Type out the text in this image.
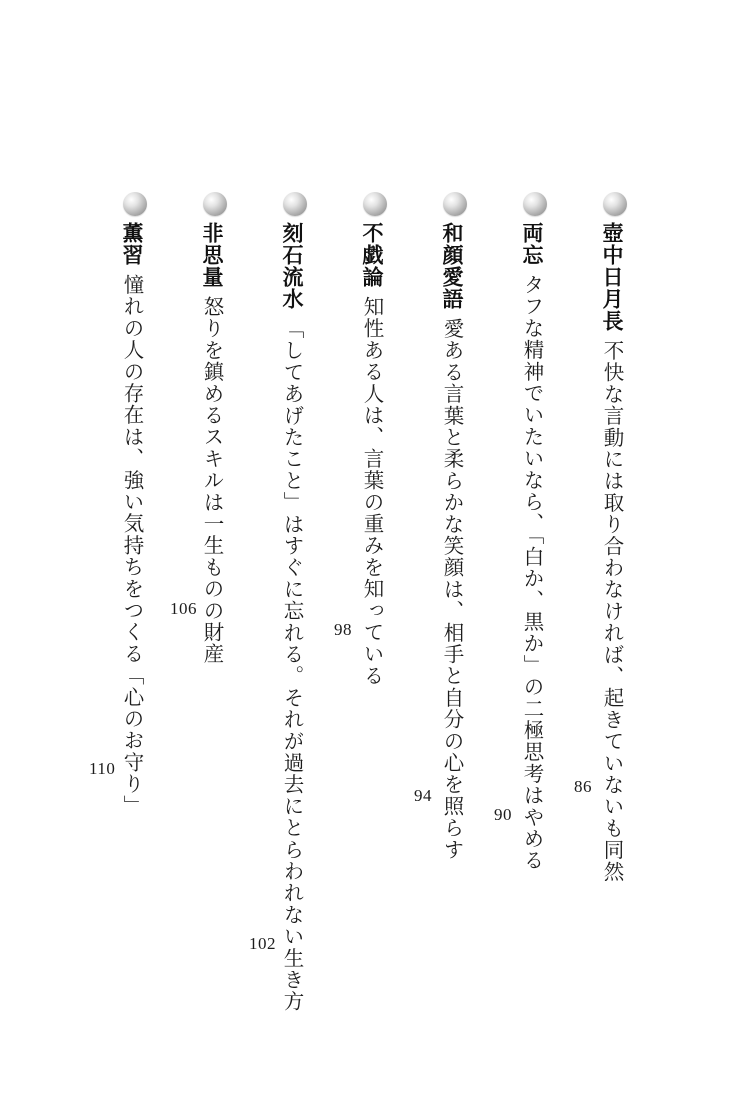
壺中日月長
不快な言動には取り合わなければ、起きていないも同然
86
両忘
タフな精神でいたいなら、「白か、黒か」の二極思考はやめる
90
和顔愛語
愛ある言葉と柔らかな笑顔は、相手と自分の心を照らす
94
不戯論
知性ある人は、言葉の重みを知っている
98
刻石流水
「してあげたこと」はすぐに忘れる。それが過去にとらわれない生き方
102
非思量
怒りを鎮めるスキルは一生ものの財産
106
薫習
憧れの人の存在は、強い気持ちをつくる「心のお守り」
110
